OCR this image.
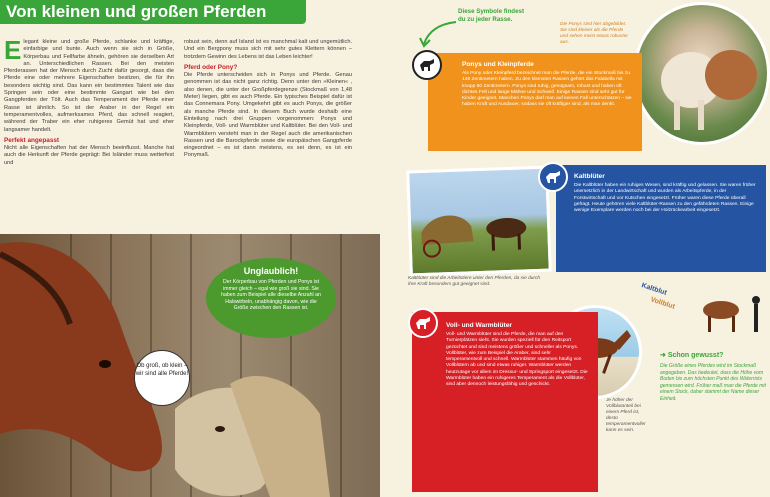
Von kleinen und großen Pferden
E legant kleine und große Pferde, schlanke und kräftige, einfarbige und bunte. Auch wenn sie sich in Größe, Körperbau und Fellfarbe ähneln, gehören sie derselben Art an. Unterschiedlichen Rassen. Bei den meisten Pferderassen hat der Mensch durch Zucht dafür gesorgt, dass die Pferde eine oder mehrere Eigenschaften besitzen, die für ihn besonders wichtig sind. Das kann ein bestimmtes Talent wie das Springen sein oder eine bestimmte Gangart wie bei den Gangpferden der Tölt. Auch das Temperament der Pferde einer Rasse ist ähnlich. So ist der Araber in der Regel ein temperamentvolles, aufmerksames Pferd, das schnell reagiert, während der Traber ein eher ruhigeres Gemüt hat und eher langsamer handelt.

Perfekt angepasst

Nicht alle Eigenschaften hat der Mensch beeinflusst. Manche hat auch die Herkunft der Pferde geprägt: Bei Isländer muss wetterfest und

robust sein, denn auf Island ist es manchmal kalt und ungemütlich. Und ein Bergpony muss sich mit sehr gutes Klettern können – trotzdem Gewinn des Lebens ist das Leben leichter!

Pferd oder Pony?

Die Pferde unterscheiden sich in Ponys und Pferde. Genau genommen ist das nicht ganz richtig. Denn unter den »Kleinen« , also denen, die unter der Großpferdegrenze (Stockmaß von 1,48 Meter) liegen, gibt es auch Pferde. Ein typisches Beispiel dafür ist das Connemara Pony. Umgekehrt gibt es auch Ponys, die größer als manche Pferde sind. In diesem Buch wurde deshalb eine Einteilung nach drei Gruppen vorgenommen: Ponys und Kleinpferde, Voll- und Warmblüter und Kaltblüter. Bei den Voll- und Warmblütern versteht man in der Regel auch die amerikanischen Rassen und die Barockpferde sowie die europäischen Gangpferde eingeordnet – es ist dann meistens, es sei denn, es ist ein Ponymaß.

Unglaublich!
Der Körperbau von Pferden und Ponys ist immer gleich – egal wie groß sie sind. Sie haben zum Beispiel alle dieselbe Anzahl an Halswirbeln, unabhängig davon, wie die Größe zwischen den Rassen ist.
Ob groß, ob klein – wir sind alle Pferde!
Diese Symbole findest du zu jeder Rasse.
Die Ponys sind hier abgebildet. Sie sind kleiner als die Pferde und sehen meist etwas robuster aus.
Ponys und Kleinpferde
Als Pony oder Kleinpferd bezeichnet man die Pferde, die ein Stockmaß bis zu 148 Zentimetern haben. Zu den kleinsten Rassen gehört das Falabella mit knapp 80 Zentimetern. Ponys sind ruhig, genügsam, robust und haben oft dichtes Fell und lange Mähne und Schweif. Einige Rassen sind sehr gut für Kinder geeignet. Manchen Ponys darf man auf keinen Fall unterschätzen – sie haben Kraft und Ausdauer, sodass sie oft kräftiger sind, als man denkt.
Kaltblüter sind die Arbeitstiere unter den Pferden, da sie durch ihre Kraft besonders gut geeignet sind.
Kaltblüter
Die Kaltblüter haben ein ruhiges Wesen, sind kräftig und gelassen. Sie waren früher unersetzlich in der Landwirtschaft und wurden als Arbeitspferde, in der Forstwirtschaft und vor Kutschen eingesetzt. Früher waren diese Pferde überall gefragt. Heute gehören viele Kaltblüter-Rassen zu den gefährdeten Rassen. Einige wenige Exemplare werden noch bei der Holzrückearbeit eingesetzt.
Kaltblut
Vollblut
Je höher der Vollblutanteil bei einem Pferd ist, desto temperamentvoller kann es sein.
Voll- und Warmblüter
Voll- und Warmblüter sind die Pferde, die man auf den Turnierplätzen sieht. Sie wurden speziell für den Reitsport gezüchtet und sind meistens größer und schneller als Ponys. Vollblüter, wie zum Beispiel die Araber, sind sehr temperamentvoll und schnell. Warmblüter stammen häufig von Vollblütern ab und sind etwas ruhiger. Warmblüter werden heutzutage vor allem im Dressur- und Springsport eingesetzt. Die Warmblüter haben ein ruhigeres Temperament als die Vollblüter, sind aber dennoch leistungsfähig und geschickt.
➜ Schon gewusst?
Die Größe eines Pferdes wird im Stockmaß angegeben. Das bedeutet, dass die Höhe vom Boden bis zum höchsten Punkt des Widerrists gemessen wird. Früher maß man die Pferde mit einem Stock, daher stammt der Name dieser Einheit.
